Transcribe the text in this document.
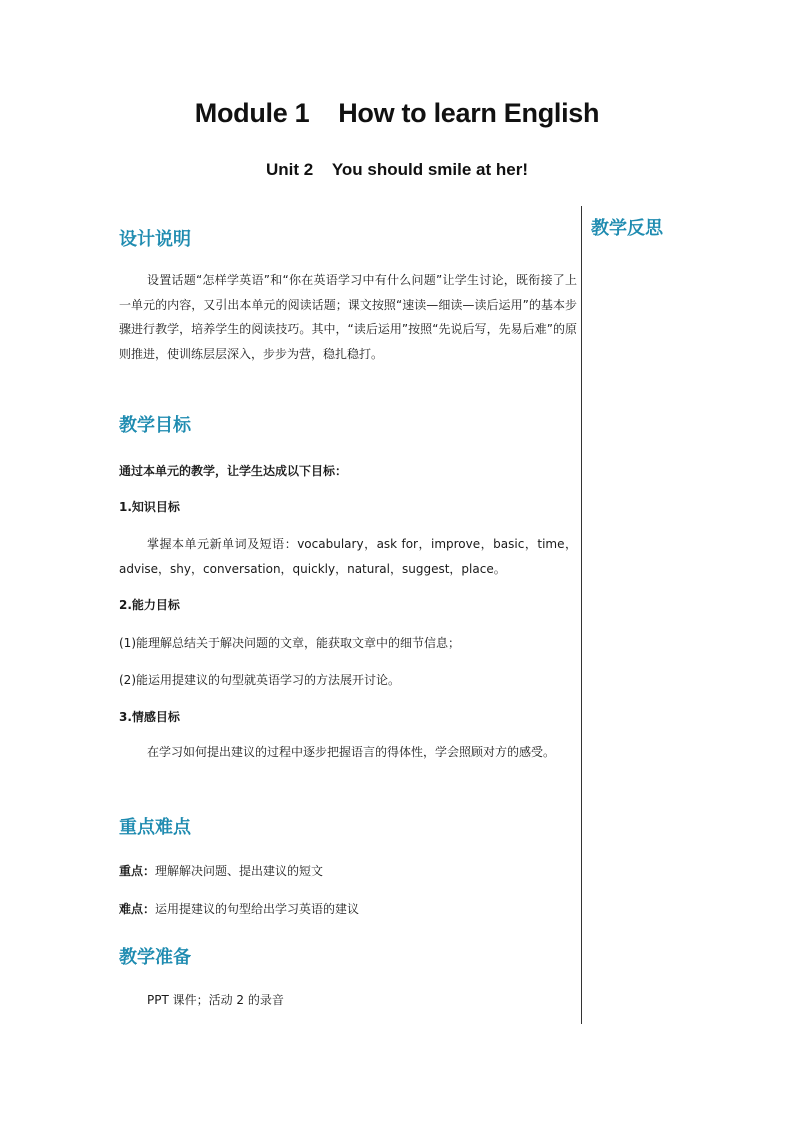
Module 1    How to learn English
Unit 2    You should smile at her!
教学反思
设计说明
设置话题“怎样学英语”和“你在英语学习中有什么问题”让学生讨论，既衔接了上一单元的内容，又引出本单元的阅读话题；课文按照“速读—细读—读后运用”的基本步骤进行教学，培养学生的阅读技巧。其中，“读后运用”按照“先说后写，先易后难”的原则推进，使训练层层深入，步步为营，稳扎稳打。
教学目标
通过本单元的教学，让学生达成以下目标：
1.知识目标
掌握本单元新单词及短语：vocabulary，ask for，improve，basic，time，advise，shy，conversation，quickly，natural，suggest，place。
2.能力目标
(1)能理解总结关于解决问题的文章，能获取文章中的细节信息；
(2)能运用提建议的句型就英语学习的方法展开讨论。
3.情感目标
在学习如何提出建议的过程中逐步把握语言的得体性，学会照顾对方的感受。
重点难点
重点：理解解决问题、提出建议的短文
难点：运用提建议的句型给出学习英语的建议
教学准备
PPT 课件；活动 2 的录音
